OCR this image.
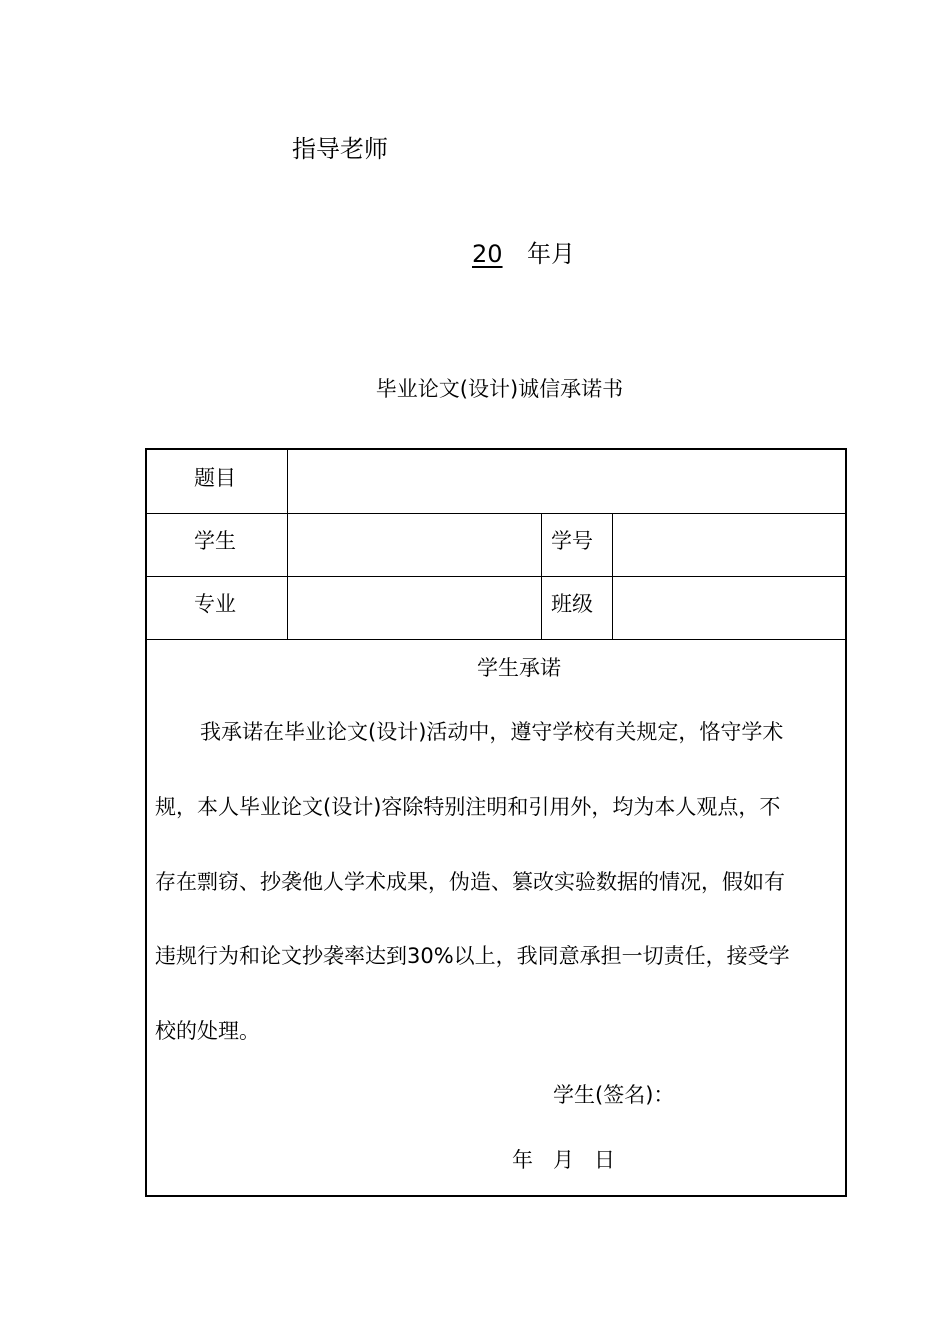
指导老师
20 年月
毕业论文(设计)诚信承诺书
题目
学生	学号
专业	班级
学生承诺
我承诺在毕业论文(设计)活动中，遵守学校有关规定，恪守学术
规，本人毕业论文(设计)容除特别注明和引用外，均为本人观点，不
存在剽窃、抄袭他人学术成果，伪造、篡改实验数据的情况，假如有
违规行为和论文抄袭率达到30%以上，我同意承担一切责任，接受学
校的处理。
学生(签名)：
年   月   日
